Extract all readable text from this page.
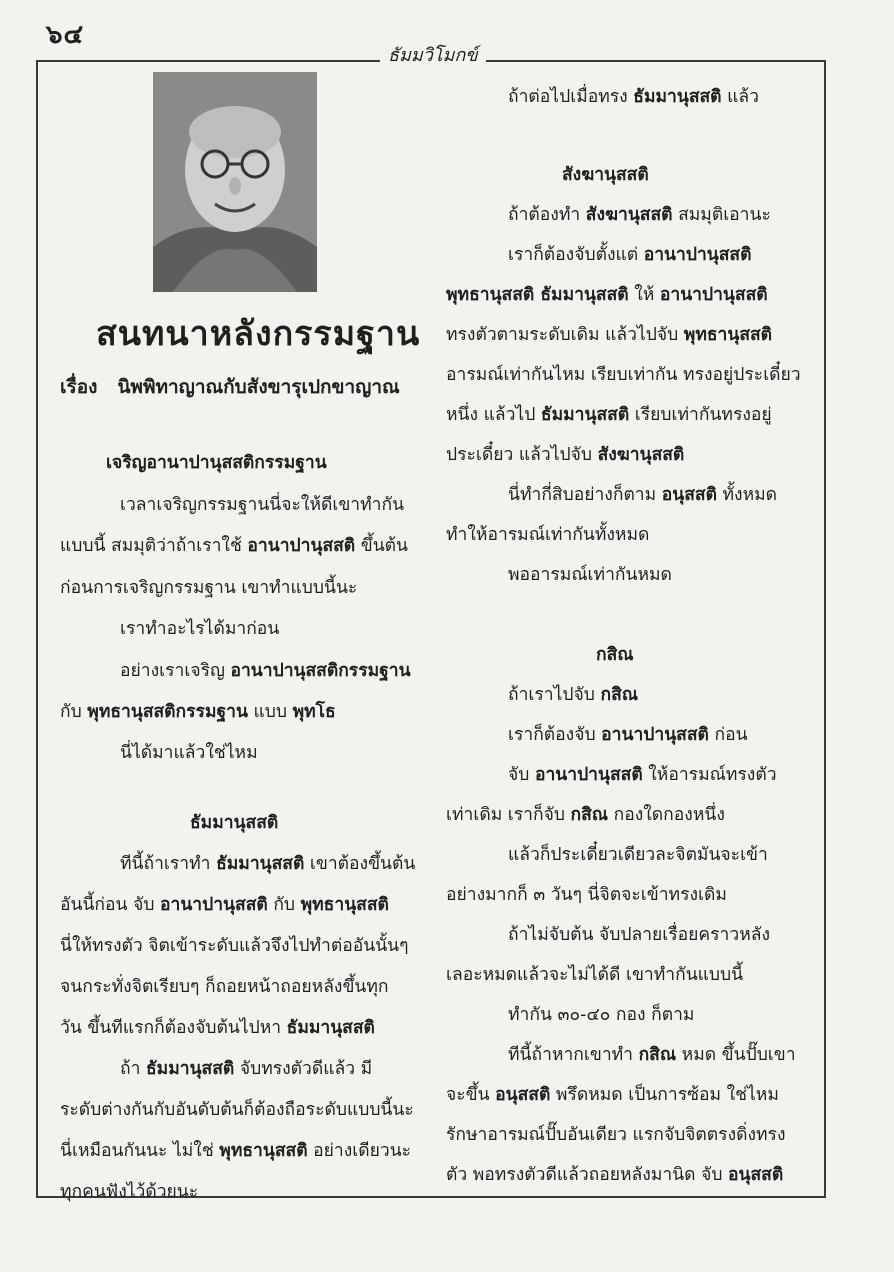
๖๔
ธัมมวิโมกข์
สนทนาหลังกรรมฐาน
เรื่อง นิพพิทาญาณกับสังขารุเปกขาญาณ
เจริญอานาปานุสสติกรรมฐาน
เวลาเจริญกรรมฐานนี่จะให้ดีเขาทำกัน
แบบนี้ สมมุติว่าถ้าเราใช้ อานาปานุสสติ ขึ้นต้น
ก่อนการเจริญกรรมฐาน เขาทำแบบนี้นะ
เราทำอะไรได้มาก่อน
อย่างเราเจริญ อานาปานุสสติกรรมฐาน
กับ พุทธานุสสติกรรมฐาน แบบ พุทโธ
นี่ได้มาแล้วใช่ไหม
ธัมมานุสสติ
ทีนี้ถ้าเราทำ ธัมมานุสสติ เขาต้องขึ้นต้น
อันนี้ก่อน จับ อานาปานุสสติ กับ พุทธานุสสติ
นี่ให้ทรงตัว จิตเข้าระดับแล้วจึงไปทำต่ออันนั้นๆ
จนกระทั่งจิตเรียบๆ ก็ถอยหน้าถอยหลังขึ้นทุก
วัน ขึ้นทีแรกก็ต้องจับต้นไปหา ธัมมานุสสติ
ถ้า ธัมมานุสสติ จับทรงตัวดีแล้ว มี
ระดับต่างกันกับอันดับต้นก็ต้องถือระดับแบบนี้นะ
นี่เหมือนกันนะ ไม่ใช่ พุทธานุสสติ อย่างเดียวนะ
ทุกคนฟังไว้ด้วยนะ
ถ้าต่อไปเมื่อทรง ธัมมานุสสติ แล้ว
สังฆานุสสติ
ถ้าต้องทำ สังฆานุสสติ สมมุติเอานะ
เราก็ต้องจับตั้งแต่ อานาปานุสสติ
พุทธานุสสติ ธัมมานุสสติ ให้ อานาปานุสสติ
ทรงตัวตามระดับเดิม แล้วไปจับ พุทธานุสสติ
อารมณ์เท่ากันไหม เรียบเท่ากัน ทรงอยู่ประเดี๋ยว
หนึ่ง แล้วไป ธัมมานุสสติ เรียบเท่ากันทรงอยู่
ประเดี๋ยว แล้วไปจับ สังฆานุสสติ
นี่ทำกี่สิบอย่างก็ตาม อนุสสติ ทั้งหมด
ทำให้อารมณ์เท่ากันทั้งหมด
พออารมณ์เท่ากันหมด
กสิณ
ถ้าเราไปจับ กสิณ
เราก็ต้องจับ อานาปานุสสติ ก่อน
จับ อานาปานุสสติ ให้อารมณ์ทรงตัว
เท่าเดิม เราก็จับ กสิณ กองใดกองหนึ่ง
แล้วก็ประเดี๋ยวเดียวละจิตมันจะเข้า
อย่างมากก็ ๓ วันๆ นี่จิตจะเข้าทรงเดิม
ถ้าไม่จับต้น จับปลายเรื่อยคราวหลัง
เลอะหมดแล้วจะไม่ได้ดี เขาทำกันแบบนี้
ทำกัน ๓๐-๔๐ กอง ก็ตาม
ทีนี้ถ้าหากเขาทำ กสิณ หมด ขึ้นปั๊บเขา
จะขึ้น อนุสสติ พรึดหมด เป็นการซ้อม ใช่ไหม
รักษาอารมณ์ปั๊บอันเดียว แรกจับจิตตรงดิ่งทรง
ตัว พอทรงตัวดีแล้วถอยหลังมานิด จับ อนุสสติ
